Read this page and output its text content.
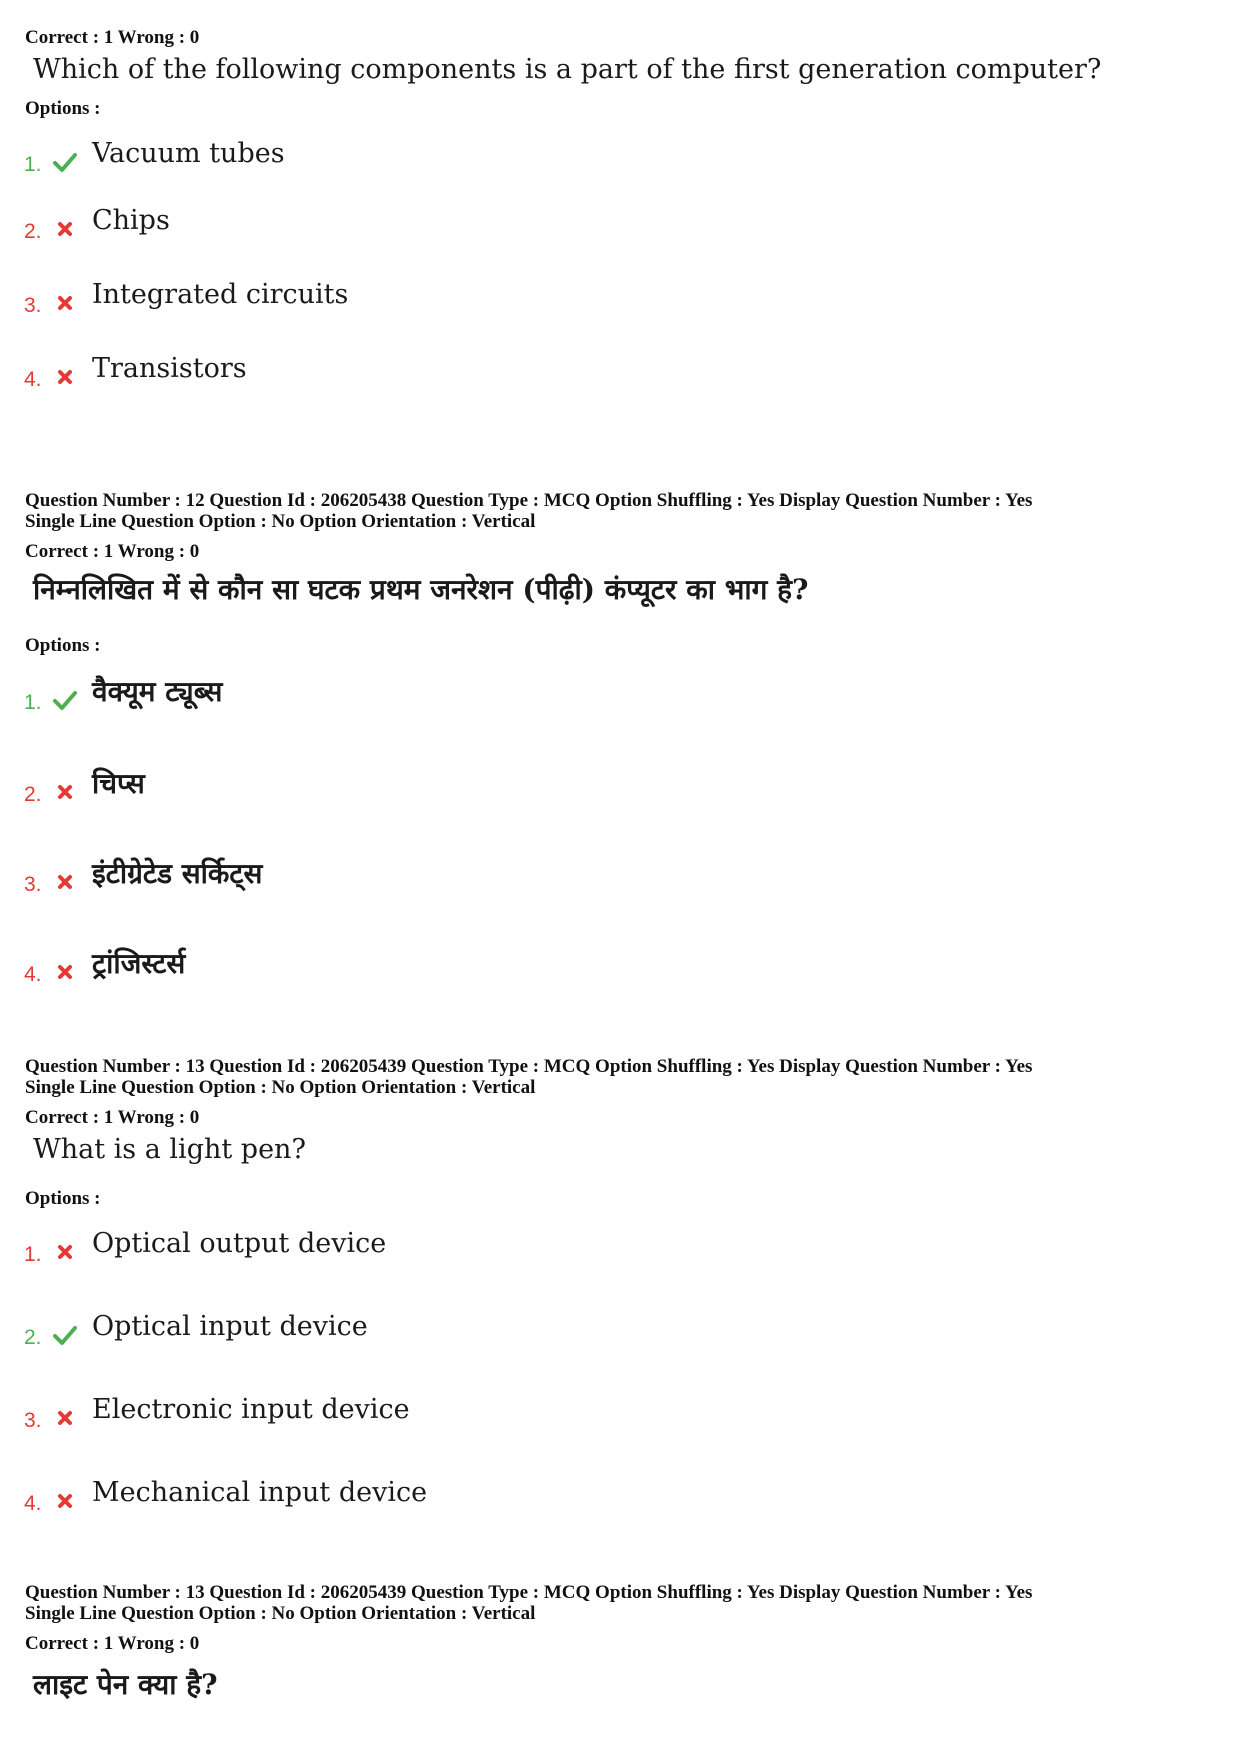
Correct : 1 Wrong : 0

Which of the following components is a part of the first generation computer?

Options :

1. Vacuum tubes
2. Chips
3. Integrated circuits
4. Transistors

Question Number : 12 Question Id : 206205438 Question Type : MCQ Option Shuffling : Yes Display Question Number : Yes

Single Line Question Option : No Option Orientation : Vertical

Correct : 1 Wrong : 0

निम्नलिखित में से कौन सा घटक प्रथम जनरेशन (पीढ़ी) कंप्यूटर का भाग है?

Options :

1. वैक्यूम ट्यूब्स
2. चिप्स
3. इंटीग्रेटेड सर्किट्स
4. ट्रांजिस्टर्स

Question Number : 13 Question Id : 206205439 Question Type : MCQ Option Shuffling : Yes Display Question Number : Yes

Single Line Question Option : No Option Orientation : Vertical

Correct : 1 Wrong : 0

What is a light pen?

Options :

1. Optical output device
2. Optical input device
3. Electronic input device
4. Mechanical input device

Question Number : 13 Question Id : 206205439 Question Type : MCQ Option Shuffling : Yes Display Question Number : Yes

Single Line Question Option : No Option Orientation : Vertical

Correct : 1 Wrong : 0

लाइट पेन क्या है?
